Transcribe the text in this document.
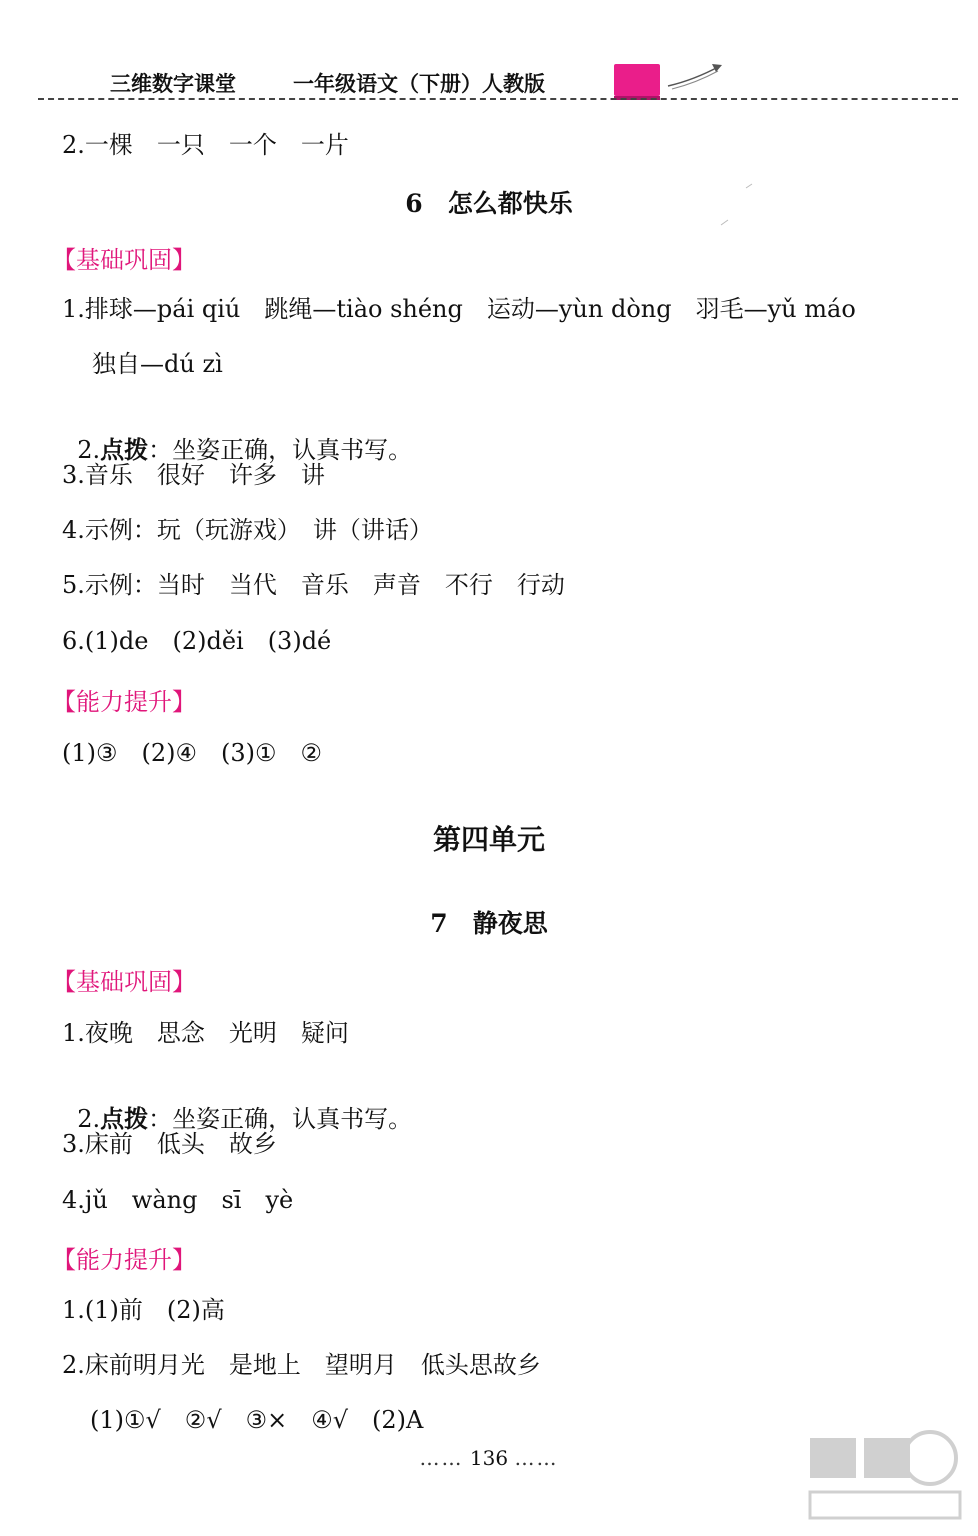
三维数字课堂	一年级语文（下册）人教版
2.一棵　一只　一个　一片
6　怎么都快乐
【基础巩固】
1.排球—pái qiú　跳绳—tiào shéng　运动—yùn dòng　羽毛—yǔ máo
独自—dú zì

2.点拨：坐姿正确，认真书写。

3.音乐　很好　许多　讲
4.示例：玩（玩游戏）　讲（讲话）
5.示例：当时　当代　音乐　声音　不行　行动
6.(1)de　(2)děi　(3)dé
【能力提升】
(1)③　(2)④　(3)①　②
第四单元
7　静夜思
【基础巩固】
1.夜晚　思念　光明　疑问

2.点拨：坐姿正确，认真书写。

3.床前　低头　故乡
4.jǔ　wàng　sī　yè
【能力提升】
1.(1)前　(2)高
2.床前明月光　是地上　望明月　低头思故乡
(1)①√　②√　③×　④√　(2)A
…… 136 ……
